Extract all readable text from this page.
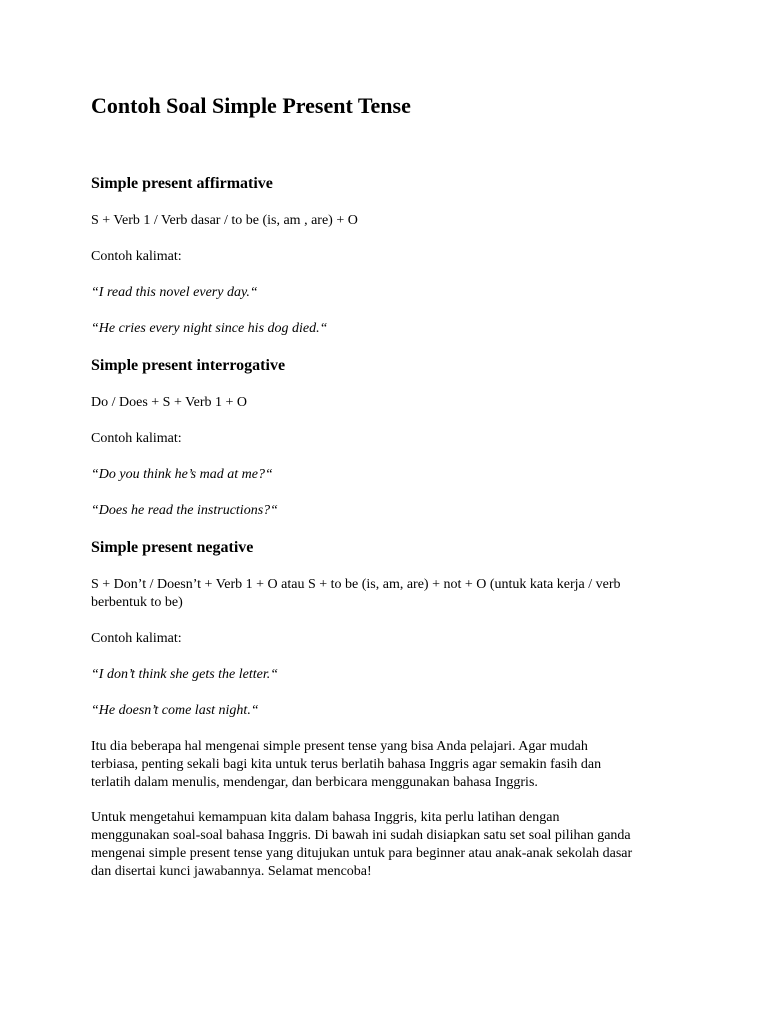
Contoh Soal Simple Present Tense
Simple present affirmative

S + Verb 1 / Verb dasar / to be (is, am , are) + O

Contoh kalimat:

“I read this novel every day.“

“He cries every night since his dog died.“

Simple present interrogative

Do / Does + S + Verb 1 + O

Contoh kalimat:

“Do you think he’s mad at me?“

“Does he read the instructions?“

Simple present negative

S + Don’t / Doesn’t + Verb 1 + O atau S + to be (is, am, are) + not + O (untuk kata kerja / verb

berbentuk to be)

Contoh kalimat:

“I don’t think she gets the letter.“

“He doesn’t come last night.“

Itu dia beberapa hal mengenai simple present tense yang bisa Anda pelajari. Agar mudah
terbiasa, penting sekali bagi kita untuk terus berlatih bahasa Inggris agar semakin fasih dan
terlatih dalam menulis, mendengar, dan berbicara menggunakan bahasa Inggris.
Untuk mengetahui kemampuan kita dalam bahasa Inggris, kita perlu latihan dengan
menggunakan soal-soal bahasa Inggris. Di bawah ini sudah disiapkan satu set soal pilihan ganda
mengenai simple present tense yang ditujukan untuk para beginner atau anak-anak sekolah dasar
dan disertai kunci jawabannya. Selamat mencoba!
